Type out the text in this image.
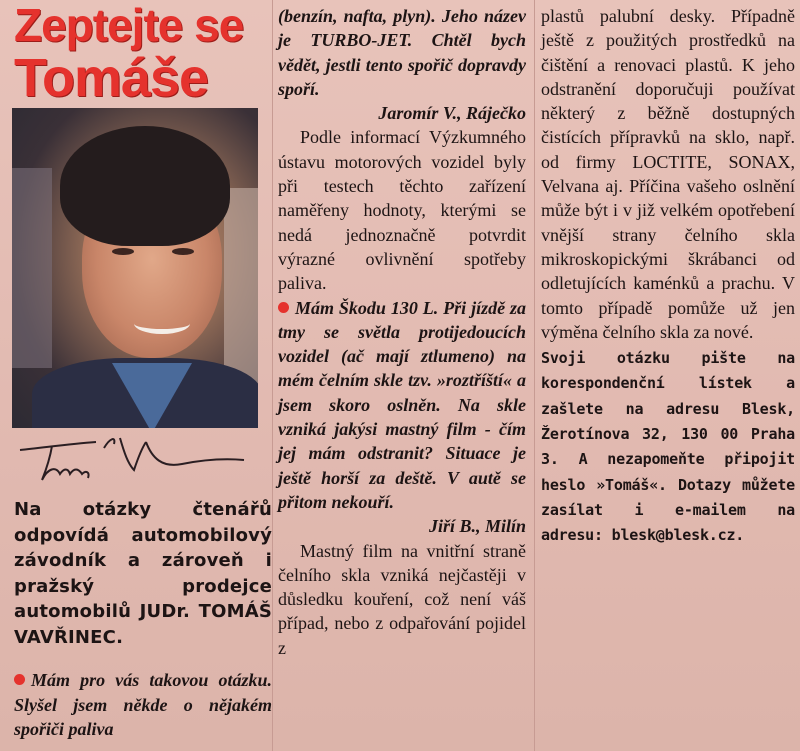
Zeptejte se
Tomáše
Na otázky čtenářů odpovídá automobilový závodník a zároveň i pražský prodejce automobilů JUDr. TOMÁŠ VAVŘINEC.
Mám pro vás takovou otázku. Slyšel jsem někde o nějakém spořiči paliva

(benzín, nafta, plyn). Jeho název je TURBO-JET. Chtěl bych vědět, jestli tento spořič dopravdy spoří.

Jaromír V., Ráječko

Podle informací Výzkumného ústavu motorových vozidel byly při testech těchto zařízení naměřeny hodnoty, kterými se nedá jednoznačně potvrdit výrazné ovlivnění spotřeby paliva.

Mám Škodu 130 L. Při jízdě za tmy se světla protijedoucích vozidel (ač mají ztlumeno) na mém čelním skle tzv. »roztříští« a jsem skoro oslněn. Na skle vzniká jakýsi mastný film - čím jej mám odstranit? Situace je ještě horší za deště. V autě se přitom nekouří.

Jiří B., Milín

Mastný film na vnitřní straně čelního skla vzniká nejčastěji v důsledku kouření, což není váš případ, nebo z odpařování pojidel z

plastů palubní desky. Případně ještě z použitých prostředků na čištění a renovaci plastů. K jeho odstranění doporučuji používat některý z běžně dostupných čistících přípravků na sklo, např. od firmy LOCTITE, SONAX, Velvana aj. Příčina vašeho oslnění může být i v již velkém opotřebení vnější strany čelního skla mikroskopickými škrábanci od odletujících kaménků a prachu. V tomto případě pomůže už jen výměna čelního skla za nové.

Svoji otázku pište na korespondenční lístek a zašlete na adresu Blesk, Žerotínova 32, 130 00 Praha 3. A nezapomeňte připojit heslo »Tomáš«. Dotazy můžete zasílat i e-mailem na adresu: blesk@blesk.cz.
